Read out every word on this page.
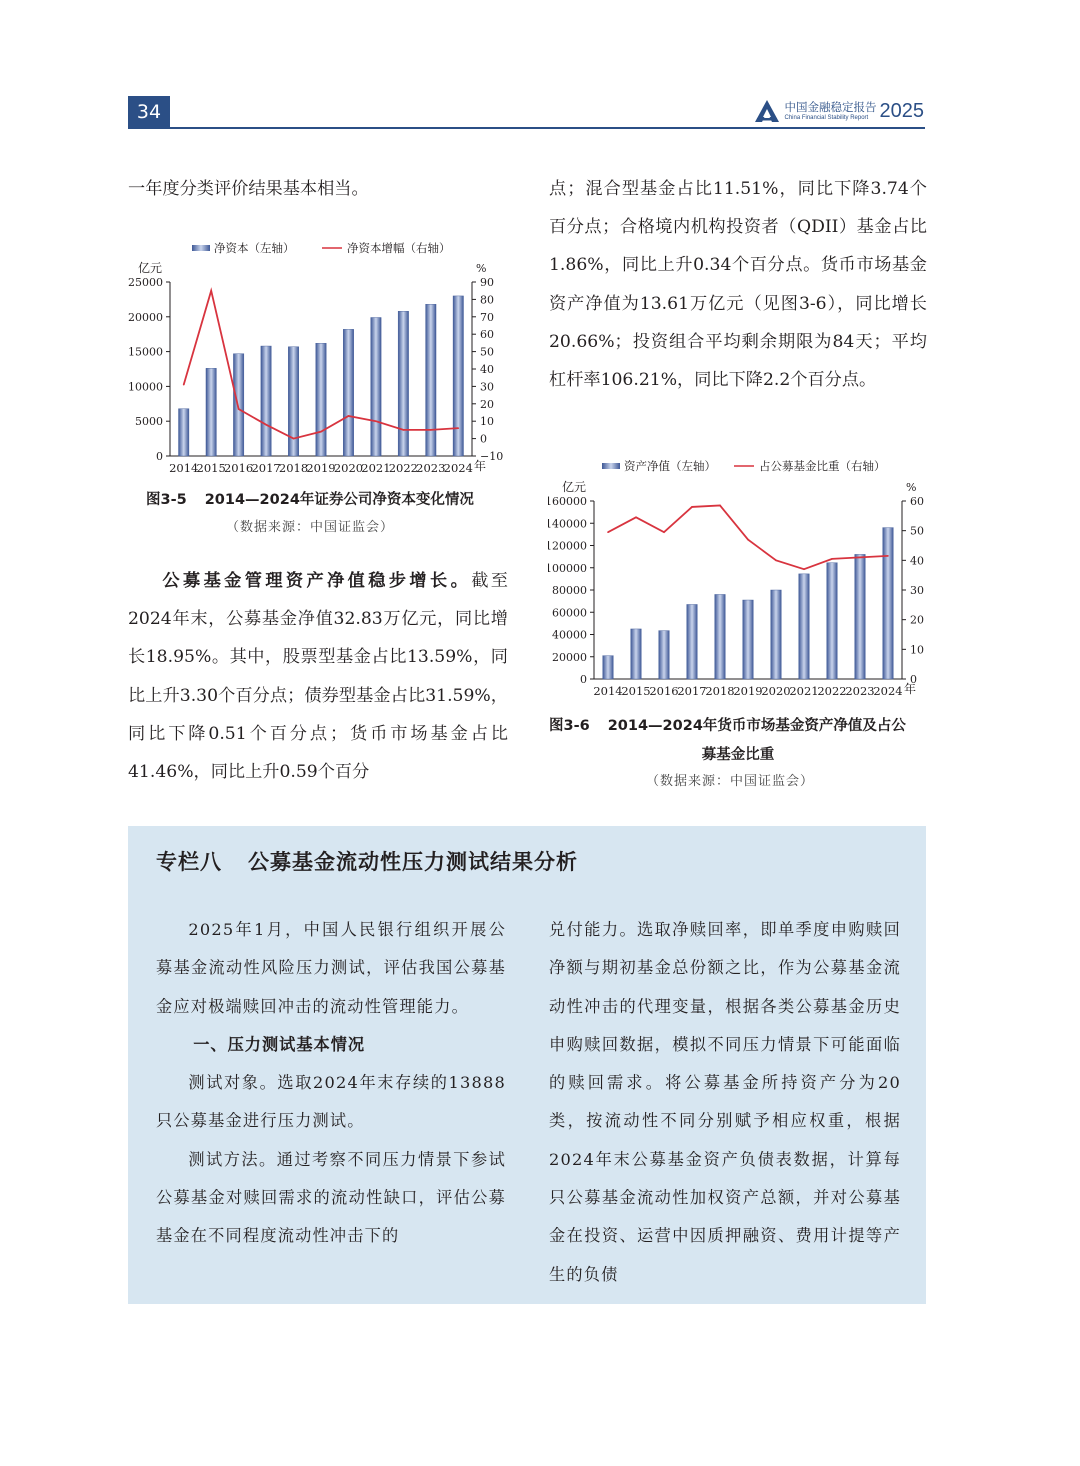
34	中国金融稳定报告
China Financial Stability Report 2025

一年度分类评价结果基本相当。

净资本（左轴）	净资本增幅（右轴）
亿元	%
0
5000
10000
15000
20000
25000
−10
0
10
20
30
40
50
60
70
80
90
2014
2015
2016
2017
2018
2019
2020
2021
2022
2023
2024 年
图3-5 2014—2024年证券公司净资本变化情况
（数据来源：中国证监会）

公募基金管理资产净值稳步增长。截至2024年末，公募基金净值32.83万亿元，同比增长18.95%。其中，股票型基金占比13.59%，同比上升3.30个百分点；债券型基金占比31.59%，同比下降0.51个百分点；货币市场基金占比41.46%，同比上升0.59个百分

点；混合型基金占比11.51%，同比下降3.74个百分点；合格境内机构投资者（QDII）基金占比1.86%，同比上升0.34个百分点。货币市场基金资产净值为13.61万亿元（见图3-6），同比增长20.66%；投资组合平均剩余期限为84天；平均杠杆率106.21%，同比下降2.2个百分点。

资产净值（左轴）	占公募基金比重（右轴）
亿元	%
0
20000
40000
60000
80000
100000
120000
140000
160000
0
10
20
30
40
50
60
2014
2015
2016
2017
2018
2019
2020
2021
2022
2023
2024 年
图3-6 2014—2024年货币市场基金资产净值及占公
募基金比重
（数据来源：中国证监会）
专栏八 公募基金流动性压力测试结果分析

2025年1月，中国人民银行组织开展公募基金流动性风险压力测试，评估我国公募基金应对极端赎回冲击的流动性管理能力。

一、压力测试基本情况

测试对象。选取2024年末存续的13888只公募基金进行压力测试。

测试方法。通过考察不同压力情景下参试公募基金对赎回需求的流动性缺口，评估公募基金在不同程度流动性冲击下的

兑付能力。选取净赎回率，即单季度申购赎回净额与期初基金总份额之比，作为公募基金流动性冲击的代理变量，根据各类公募基金历史申购赎回数据，模拟不同压力情景下可能面临的赎回需求。将公募基金所持资产分为20类，按流动性不同分别赋予相应权重，根据2024年末公募基金资产负债表数据，计算每只公募基金流动性加权资产总额，并对公募基金在投资、运营中因质押融资、费用计提等产生的负债
